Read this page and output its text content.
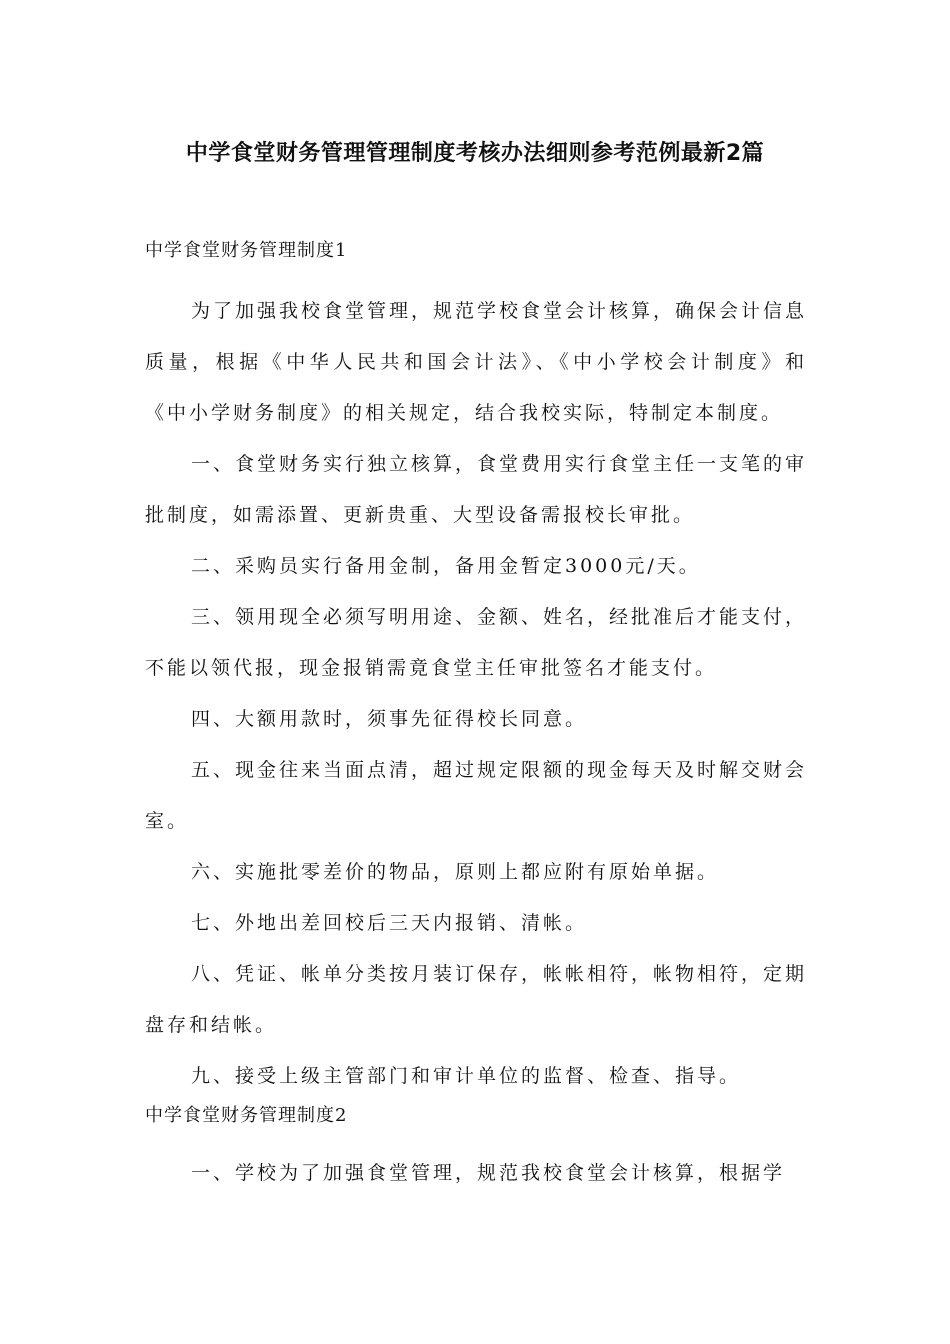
中学食堂财务管理管理制度考核办法细则参考范例最新2篇

中学食堂财务管理制度1

为了加强我校食堂管理，规范学校食堂会计核算，确保会计信息质量，根据《中华人民共和国会计法》、《中小学校会计制度》和《中小学财务制度》的相关规定，结合我校实际，特制定本制度。

一、食堂财务实行独立核算，食堂费用实行食堂主任一支笔的审批制度，如需添置、更新贵重、大型设备需报校长审批。

二、采购员实行备用金制，备用金暂定3000元/天。

三、领用现全必须写明用途、金额、姓名，经批准后才能支付，不能以领代报，现金报销需竟食堂主任审批签名才能支付。

四、大额用款时，须事先征得校长同意。

五、现金往来当面点清，超过规定限额的现金每天及时解交财会室。

六、实施批零差价的物品，原则上都应附有原始单据。

七、外地出差回校后三天内报销、清帐。

八、凭证、帐单分类按月装订保存，帐帐相符，帐物相符，定期盘存和结帐。

九、接受上级主管部门和审计单位的监督、检查、指导。

中学食堂财务管理制度2

一、学校为了加强食堂管理，规范我校食堂会计核算，根据学
